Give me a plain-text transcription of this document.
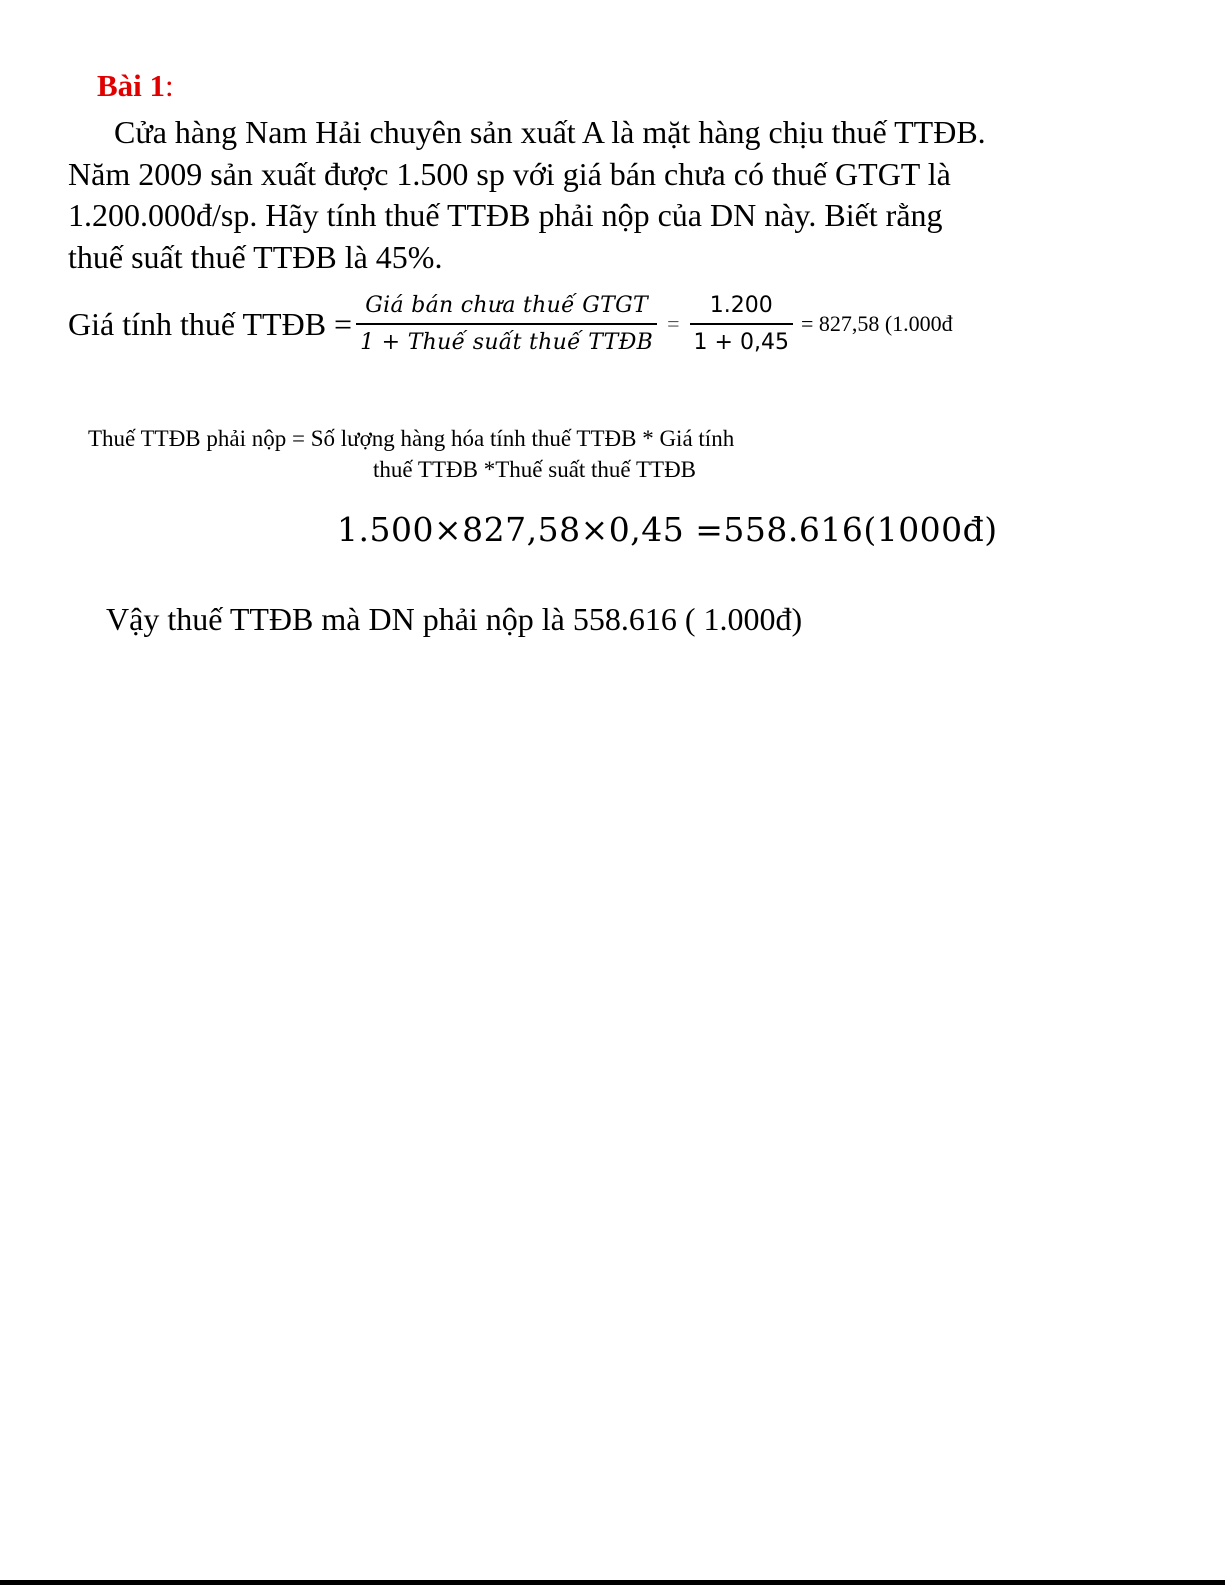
Bài 1:

Cửa hàng Nam Hải chuyên sản xuất A là mặt hàng chịu thuế TTĐB.

Năm 2009 sản xuất được 1.500 sp với giá bán chưa có thuế GTGT là

1.200.000đ/sp. Hãy tính thuế TTĐB phải nộp của DN này. Biết rằng

thuế suất thuế TTĐB là 45%.

Giá tính thuế TTĐB = $\frac{\text{Giá bán chưa thuế GTGT}}{\text{1 + Thuế suất thuế TTĐB}} = \frac{1.200}{1 + 0,45} = 827,58$ (1.000đ
Thuế TTĐB phải nộp = Số lượng hàng hóa tính thuế TTĐB * Giá tính
thuế TTĐB *Thuế suất thuế TTĐB
1.500×827,58×0,45 =558.616(1000đ)
Vậy thuế TTĐB mà DN phải nộp là 558.616 ( 1.000đ)
